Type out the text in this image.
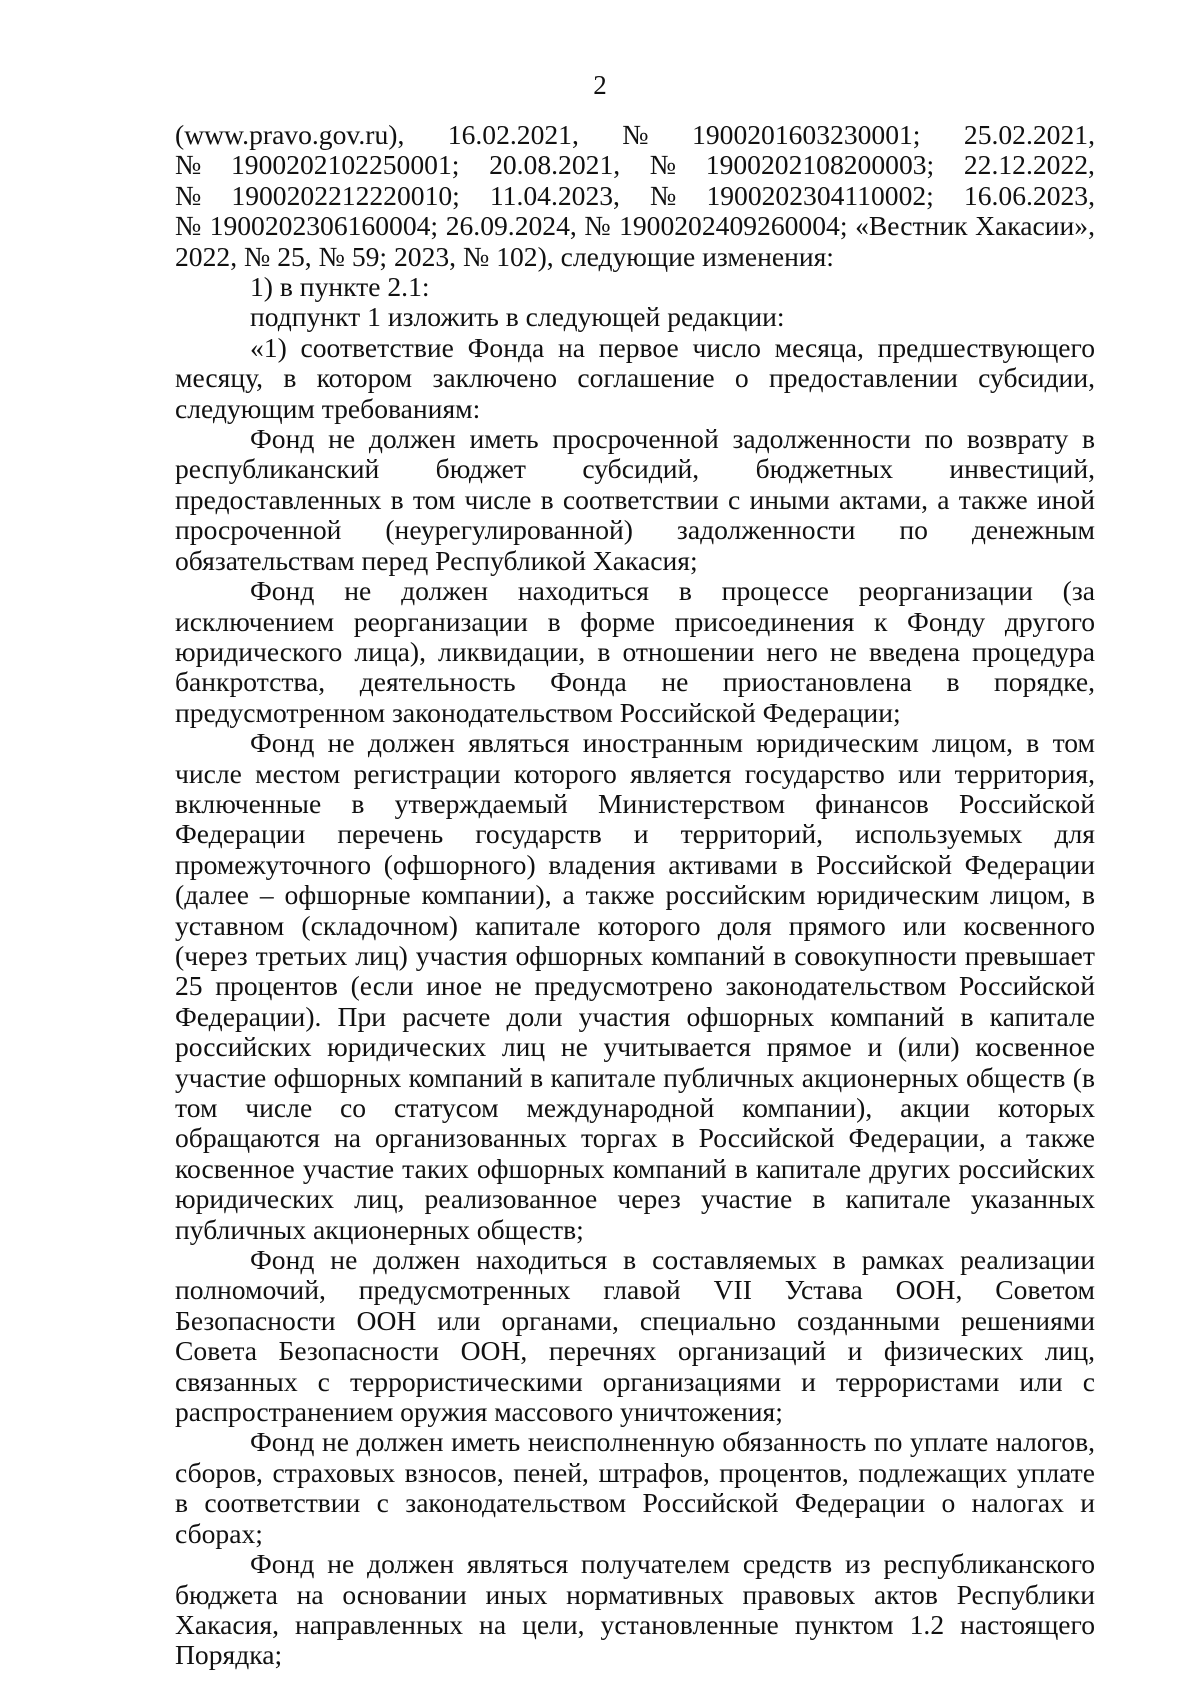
2
(www.pravo.gov.ru), 16.02.2021, № 1900201603230001; 25.02.2021,
№ 1900202102250001; 20.08.2021, № 1900202108200003; 22.12.2022,
№ 1900202212220010; 11.04.2023, № 1900202304110002; 16.06.2023,

№ 1900202306160004; 26.09.2024, № 1900202409260004; «Вестник Хакасии», 2022, № 25, № 59; 2023, № 102), следующие изменения:

1) в пункте 2.1:

подпункт 1 изложить в следующей редакции:

«1) соответствие Фонда на первое число месяца, предшествующего месяцу, в котором заключено соглашение о предоставлении субсидии, следующим требованиям:

Фонд не должен иметь просроченной задолженности по возврату в республиканский бюджет субсидий, бюджетных инвестиций, предоставленных в том числе в соответствии с иными актами, а также иной просроченной (неурегулированной) задолженности по денежным обязательствам перед Республикой Хакасия;

Фонд не должен находиться в процессе реорганизации (за исключением реорганизации в форме присоединения к Фонду другого юридического лица), ликвидации, в отношении него не введена процедура банкротства, деятельность Фонда не приостановлена в порядке, предусмотренном законодательством Российской Федерации;

Фонд не должен являться иностранным юридическим лицом, в том числе местом регистрации которого является государство или территория, включенные в утверждаемый Министерством финансов Российской Федерации перечень государств и территорий, используемых для промежуточного (офшорного) владения активами в Российской Федерации (далее – офшорные компании), а также российским юридическим лицом, в уставном (складочном) капитале которого доля прямого или косвенного (через третьих лиц) участия офшорных компаний в совокупности превышает 25 процентов (если иное не предусмотрено законодательством Российской Федерации). При расчете доли участия офшорных компаний в капитале российских юридических лиц не учитывается прямое и (или) косвенное участие офшорных компаний в капитале публичных акционерных обществ (в том числе со статусом международной компании), акции которых обращаются на организованных торгах в Российской Федерации, а также косвенное участие таких офшорных компаний в капитале других российских юридических лиц, реализованное через участие в капитале указанных публичных акционерных обществ;

Фонд не должен находиться в составляемых в рамках реализации полномочий, предусмотренных главой VII Устава ООН, Советом Безопасности ООН или органами, специально созданными решениями Совета Безопасности ООН, перечнях организаций и физических лиц, связанных с террористическими организациями и террористами или с распространением оружия массового уничтожения;

Фонд не должен иметь неисполненную обязанность по уплате налогов, сборов, страховых взносов, пеней, штрафов, процентов, подлежащих уплате в соответствии с законодательством Российской Федерации о налогах и сборах;

Фонд не должен являться получателем средств из республиканского бюджета на основании иных нормативных правовых актов Республики Хакасия, направленных на цели, установленные пунктом 1.2 настоящего Порядка;
